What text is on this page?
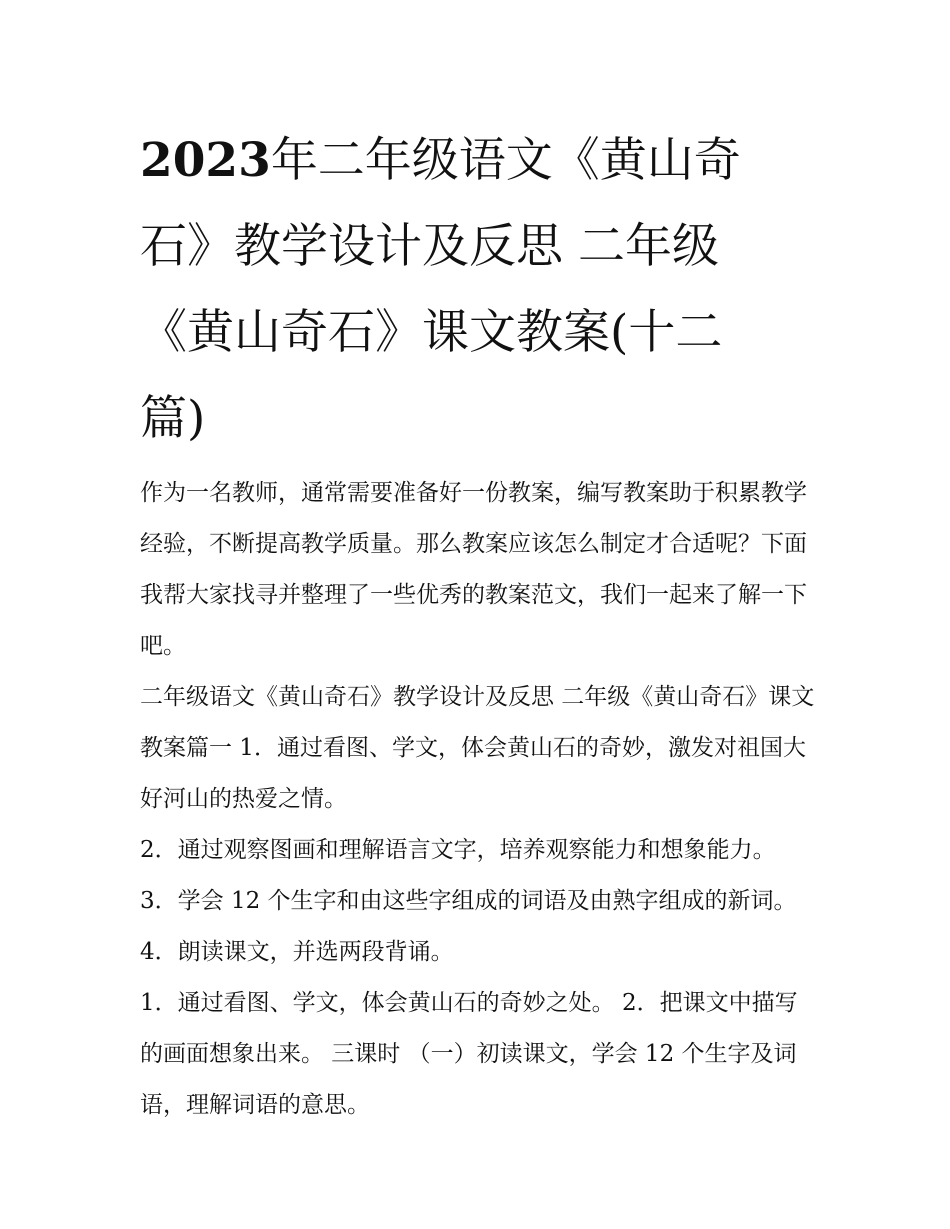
2023年二年级语文《黄山奇石》教学设计及反思 二年级《黄山奇石》课文教案(十二篇)

作为一名教师，通常需要准备好一份教案，编写教案助于积累教学经验，不断提高教学质量。那么教案应该怎么制定才合适呢？下面我帮大家找寻并整理了一些优秀的教案范文，我们一起来了解一下吧。

二年级语文《黄山奇石》教学设计及反思 二年级《黄山奇石》课文教案篇一 1．通过看图、学文，体会黄山石的奇妙，激发对祖国大好河山的热爱之情。

2．通过观察图画和理解语言文字，培养观察能力和想象能力。 3．学会 12 个生字和由这些字组成的词语及由熟字组成的新词。 4．朗读课文，并选两段背诵。

1．通过看图、学文，体会黄山石的奇妙之处。 2．把课文中描写的画面想象出来。 三课时 （一）初读课文，学会 12 个生字及词语，理解词语的意思。
